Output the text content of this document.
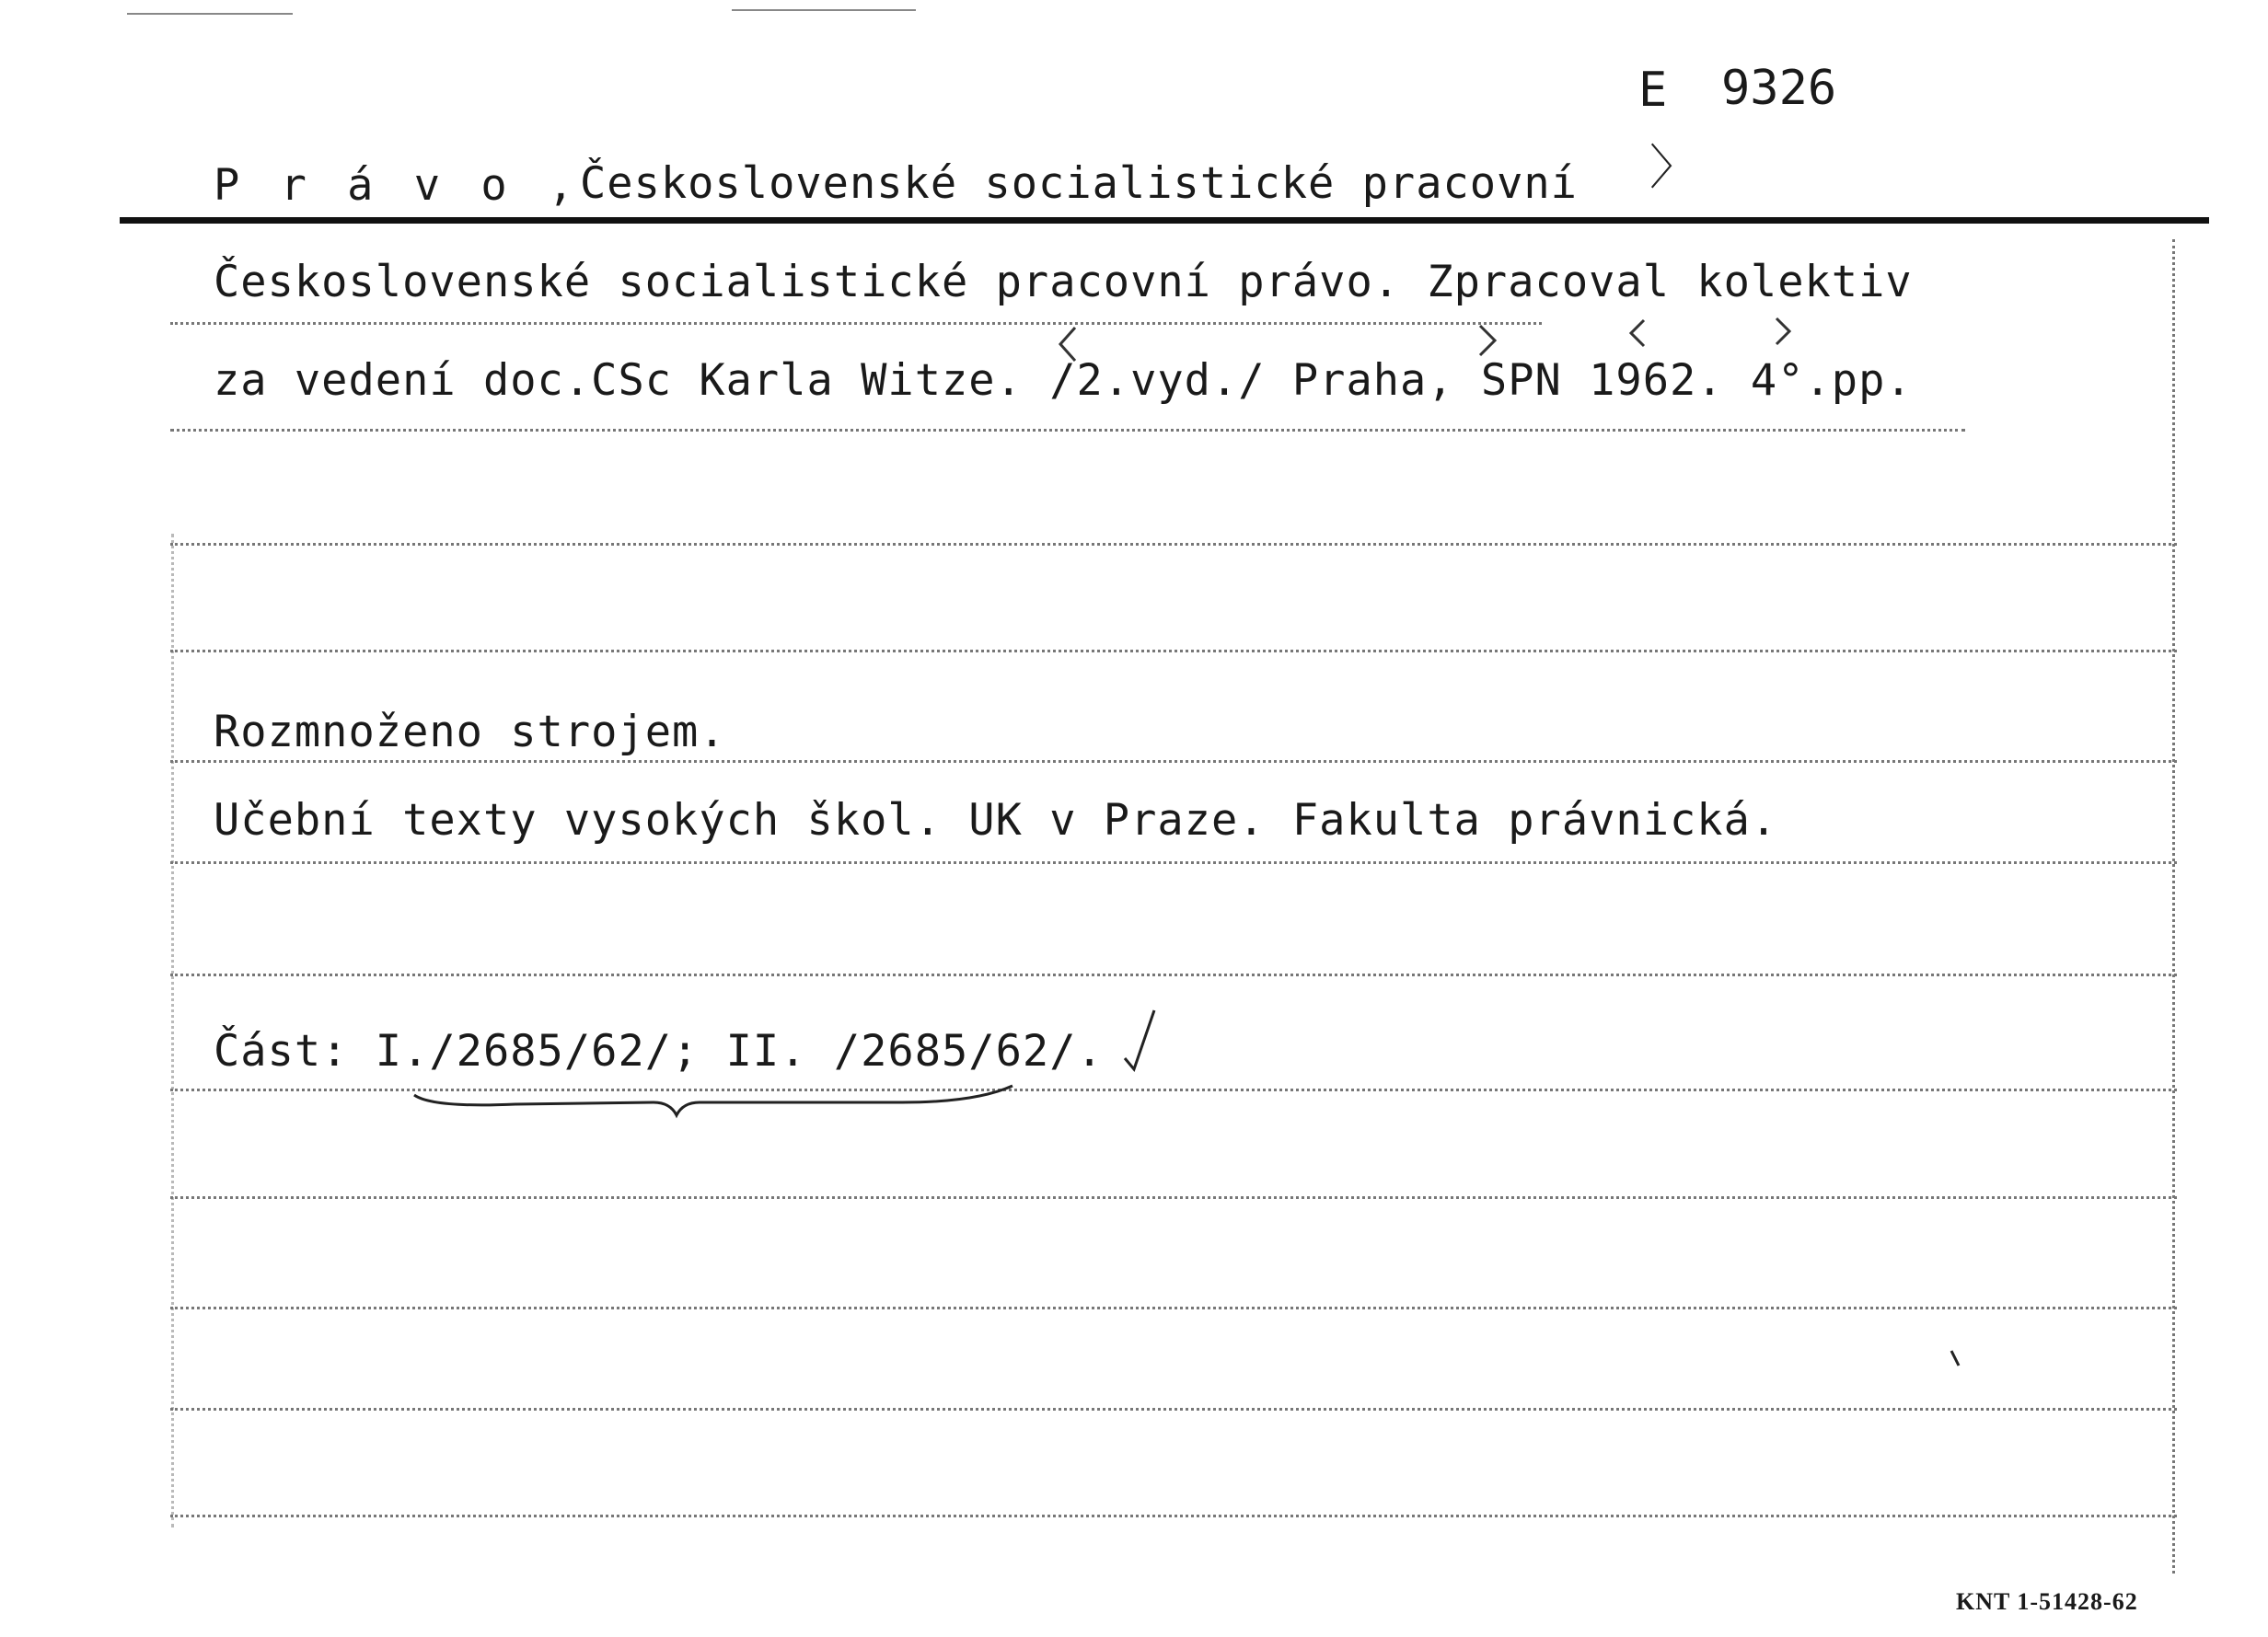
E 9326
P r á v o ,
Československé socialistické pracovní 〉
Československé socialistické pracovní právo. Zpracoval kolektiv
za vedení doc.CSc Karla Witze. /2.vyd./ Praha, SPN 1962. 4°.pp.
Rozmnoženo strojem.
Učební texty vysokých škol. UK v Praze. Fakulta právnická.
Část: I./2685/62/; II. /2685/62/.
KNT 1-51428-62
